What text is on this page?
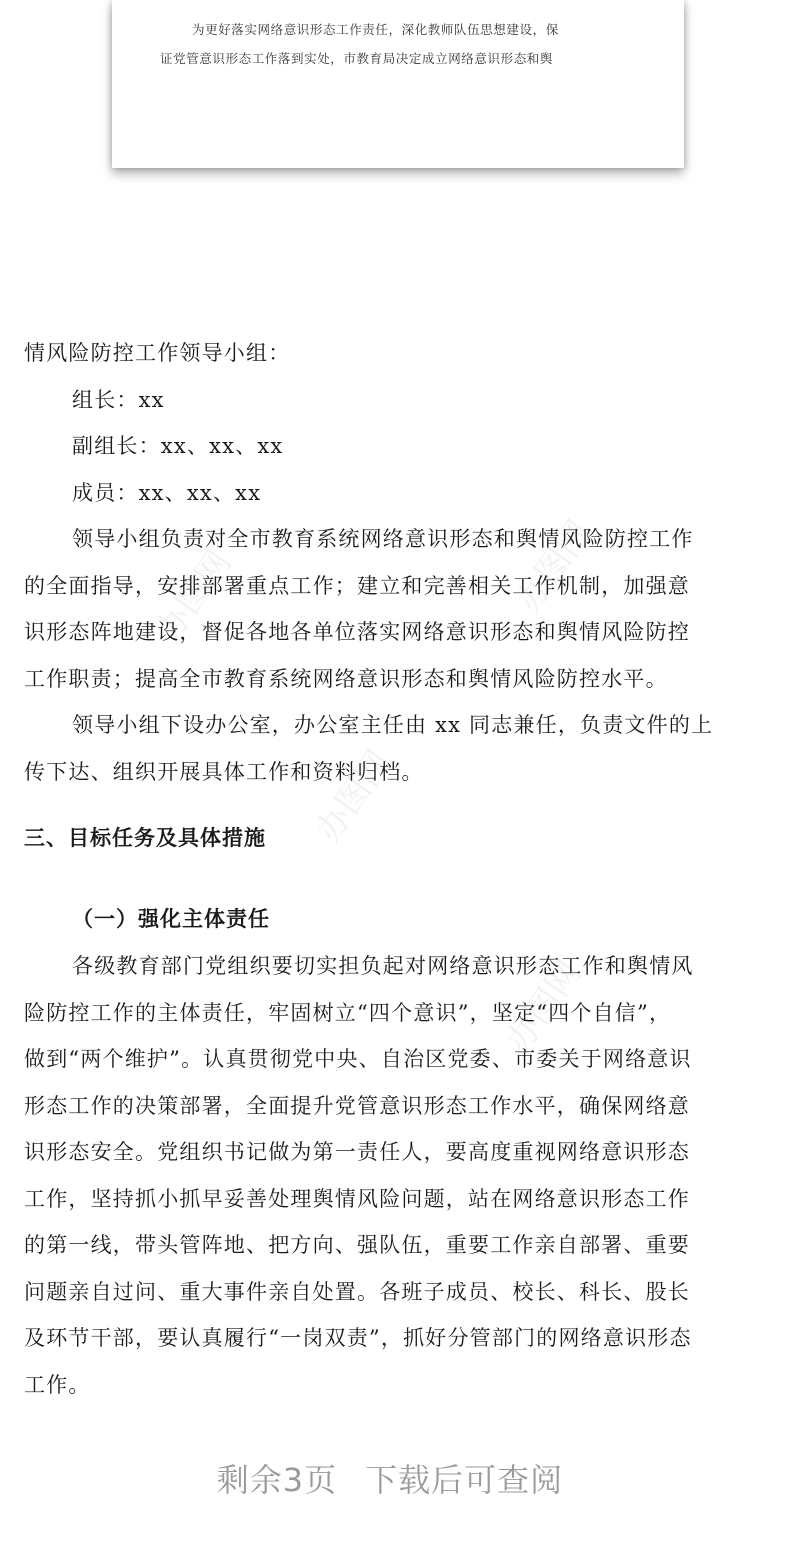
为更好落实网络意识形态工作责任，深化教师队伍思想建设，保

证党管意识形态工作落到实处，市教育局决定成立网络意识形态和舆

办图网	办图网
办图网
办图网

情风险防控工作领导小组：

组长：xx

副组长：xx、xx、xx

成员：xx、xx、xx

领导小组负责对全市教育系统网络意识形态和舆情风险防控工作

的全面指导，安排部署重点工作；建立和完善相关工作机制，加强意

识形态阵地建设，督促各地各单位落实网络意识形态和舆情风险防控

工作职责；提高全市教育系统网络意识形态和舆情风险防控水平。

领导小组下设办公室，办公室主任由 xx 同志兼任，负责文件的上

传下达、组织开展具体工作和资料归档。

三、目标任务及具体措施
（一）强化主体责任

各级教育部门党组织要切实担负起对网络意识形态工作和舆情风

险防控工作的主体责任，牢固树立“四个意识”，坚定“四个自信”，

做到“两个维护”。认真贯彻党中央、自治区党委、市委关于网络意识

形态工作的决策部署，全面提升党管意识形态工作水平，确保网络意

识形态安全。党组织书记做为第一责任人，要高度重视网络意识形态

工作，坚持抓小抓早妥善处理舆情风险问题，站在网络意识形态工作

的第一线，带头管阵地、把方向、强队伍，重要工作亲自部署、重要

问题亲自过问、重大事件亲自处置。各班子成员、校长、科长、股长

及环节干部，要认真履行“一岗双责”，抓好分管部门的网络意识形态

工作。

剩余3页 下载后可查阅
